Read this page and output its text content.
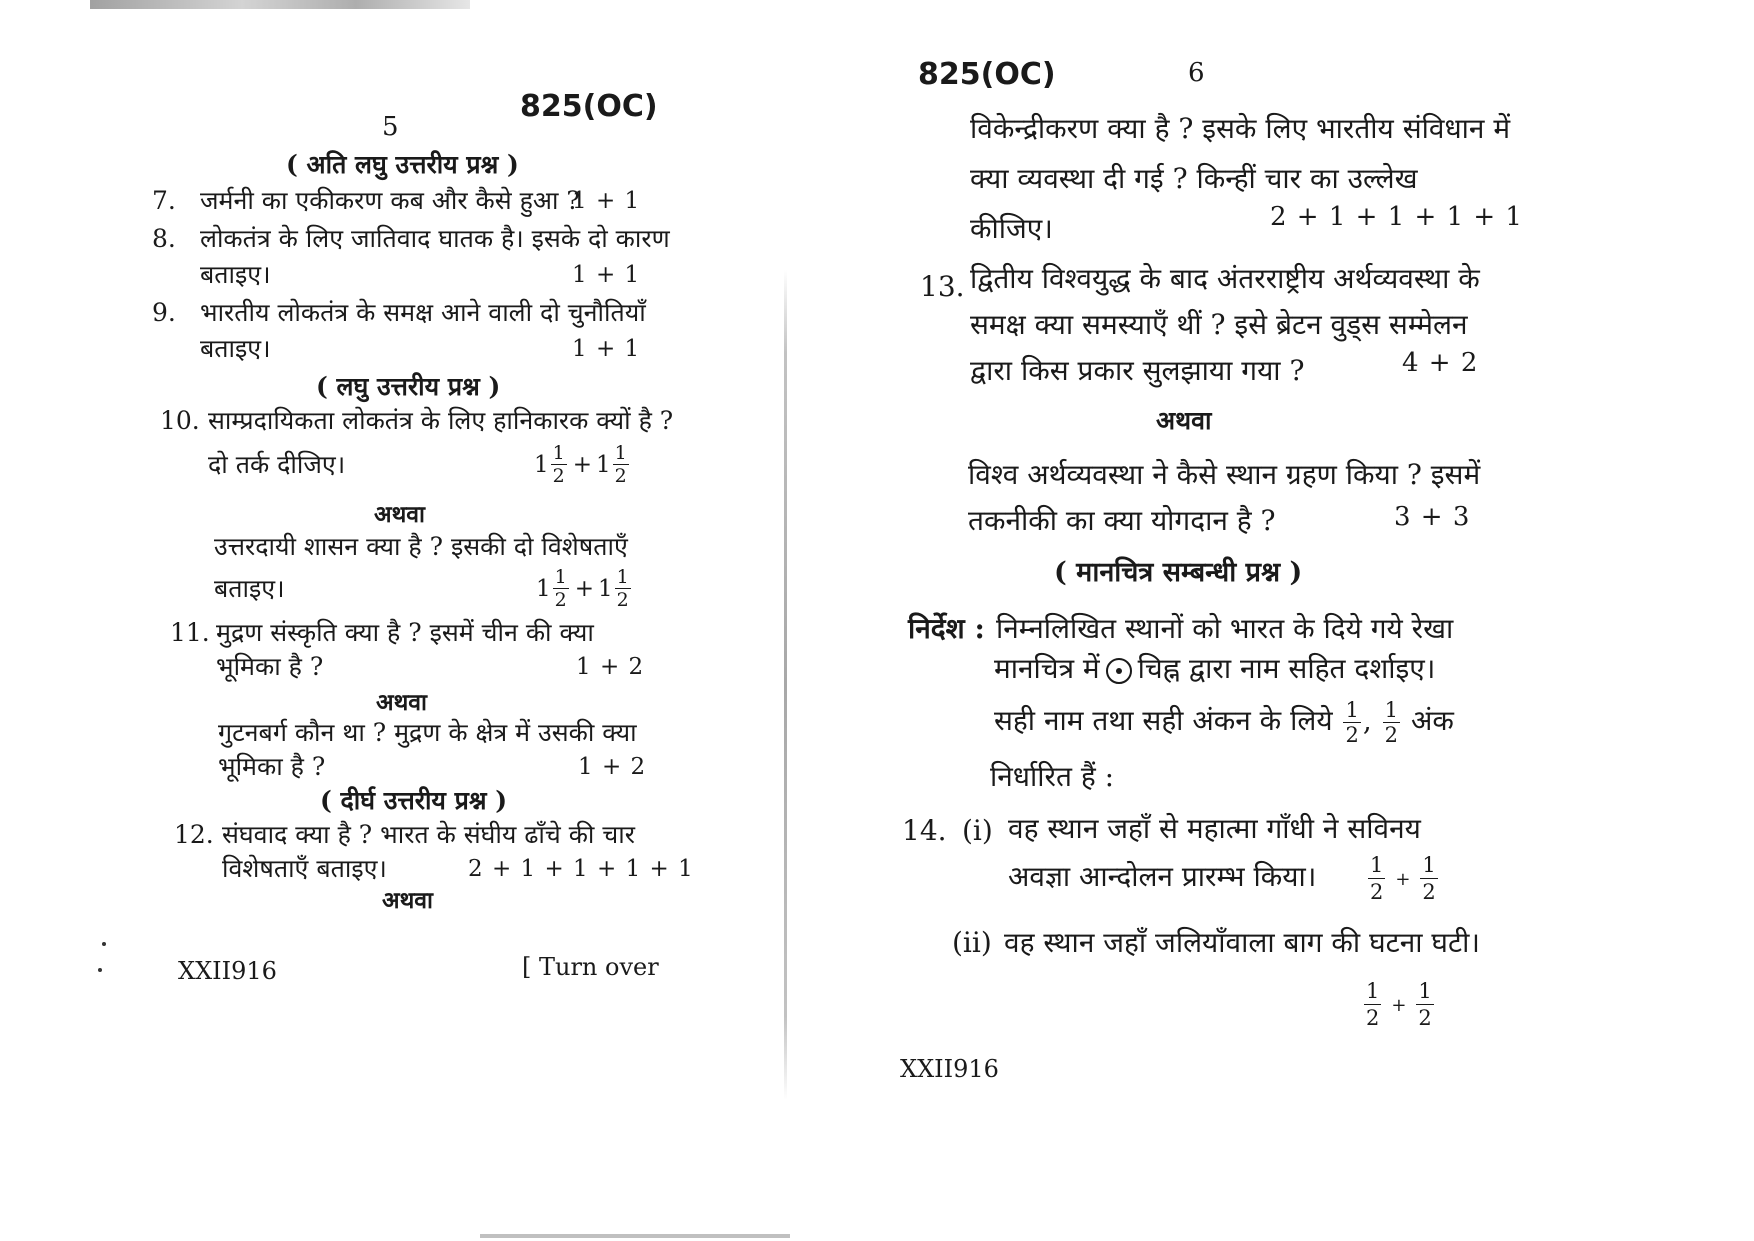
5
825(OC)
( अति लघु उत्तरीय प्रश्न )
7. जर्मनी का एकीकरण कब और कैसे हुआ ?
1 + 1
8. लोकतंत्र के लिए जातिवाद घातक है। इसके दो कारण
बताइए।	1 + 1
9. भारतीय लोकतंत्र के समक्ष आने वाली दो चुनौतियाँ
बताइए।	1 + 1
( लघु उत्तरीय प्रश्न )
10. साम्प्रदायिकता लोकतंत्र के लिए हानिकारक क्यों है ?
दो तर्क दीजिए।	$1 \frac{1}{2} + 1 \frac{1}{2}$
अथवा
उत्तरदायी शासन क्या है ? इसकी दो विशेषताएँ
बताइए।	$1 \frac{1}{2} + 1 \frac{1}{2}$
11. मुद्रण संस्कृति क्या है ? इसमें चीन की क्या
भूमिका है ?	1 + 2
अथवा
गुटनबर्ग कौन था ? मुद्रण के क्षेत्र में उसकी क्या
भूमिका है ?	1 + 2
( दीर्घ उत्तरीय प्रश्न )
12. संघवाद क्या है ? भारत के संघीय ढाँचे की चार
विशेषताएँ बताइए।	2 + 1 + 1 + 1 + 1
अथवा
XXII916	[ Turn over
825(OC)	6
विकेन्द्रीकरण क्या है ? इसके लिए भारतीय संविधान में
क्या व्यवस्था दी गई ? किन्हीं चार का उल्लेख
कीजिए।	2 + 1 + 1 + 1 + 1
13. द्वितीय विश्वयुद्ध के बाद अंतरराष्ट्रीय अर्थव्यवस्था के
समक्ष क्या समस्याएँ थीं ? इसे ब्रेटन वुड्स सम्मेलन
द्वारा किस प्रकार सुलझाया गया ?	4 + 2
अथवा
विश्व अर्थव्यवस्था ने कैसे स्थान ग्रहण किया ? इसमें
तकनीकी का क्या योगदान है ?	3 + 3
( मानचित्र सम्बन्धी प्रश्न )
निर्देश : निम्नलिखित स्थानों को भारत के दिये गये रेखा
मानचित्र में चिह्न द्वारा नाम सहित दर्शाइए।
सही नाम तथा सही अंकन के लिये $\frac{1}{2}$ , $\frac{1}{2}$ अंक
निर्धारित हैं :
14. (i) वह स्थान जहाँ से महात्मा गाँधी ने सविनय
अवज्ञा आन्दोलन प्रारम्भ किया। $\frac{1}{2} + \frac{1}{2}$
(ii) वह स्थान जहाँ जलियाँवाला बाग की घटना घटी।
$\frac{1}{2} + \frac{1}{2}$
XXII916
